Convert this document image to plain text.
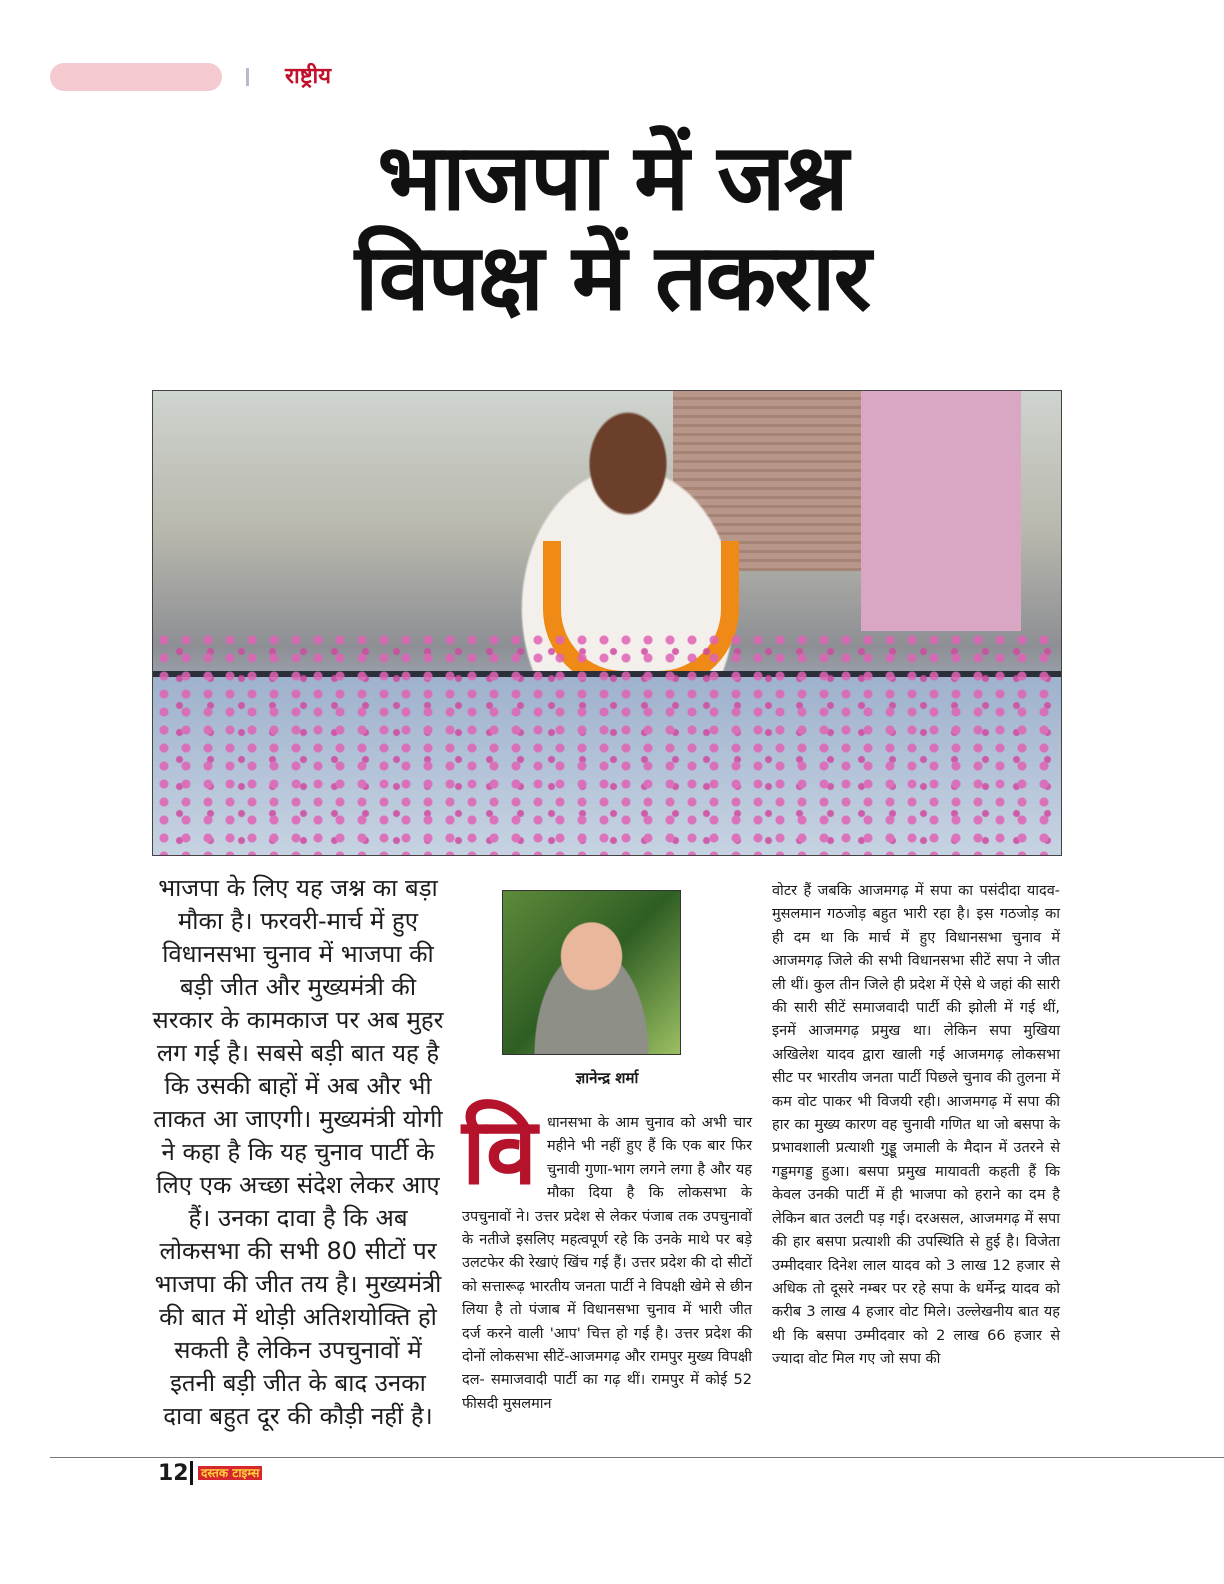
राष्ट्रीय
भाजपा में जश्न
विपक्ष में तकरार
भाजपा के लिए यह जश्न का बड़ा मौका है। फरवरी-मार्च में हुए विधानसभा चुनाव में भाजपा की बड़ी जीत और मुख्यमंत्री की सरकार के कामकाज पर अब मुहर लग गई है। सबसे बड़ी बात यह है कि उसकी बाहों में अब और भी ताकत आ जाएगी। मुख्यमंत्री योगी ने कहा है कि यह चुनाव पार्टी के लिए एक अच्छा संदेश लेकर आए हैं। उनका दावा है कि अब लोकसभा की सभी 80 सीटों पर भाजपा की जीत तय है। मुख्यमंत्री की बात में थोड़ी अतिशयोक्ति हो सकती है लेकिन उपचुनावों में इतनी बड़ी जीत के बाद उनका दावा बहुत दूर की कौड़ी नहीं है।
ज्ञानेन्द्र शर्मा
वि धानसभा के आम चुनाव को अभी चार महीने भी नहीं हुए हैं कि एक बार फिर चुनावी गुणा-भाग लगने लगा है और यह मौका दिया है कि लोकसभा के उपचुनावों ने। उत्तर प्रदेश से लेकर पंजाब तक उपचुनावों के नतीजे इसलिए महत्वपूर्ण रहे कि उनके माथे पर बड़े उलटफेर की रेखाएं खिंच गई हैं। उत्तर प्रदेश की दो सीटों को सत्तारूढ़ भारतीय जनता पार्टी ने विपक्षी खेमे से छीन लिया है तो पंजाब में विधानसभा चुनाव में भारी जीत दर्ज करने वाली 'आप' चित्त हो गई है। उत्तर प्रदेश की दोनों लोकसभा सीटें-आजमगढ़ और रामपुर मुख्य विपक्षी दल- समाजवादी पार्टी का गढ़ थीं। रामपुर में कोई 52 फीसदी मुसलमान
वोटर हैं जबकि आजमगढ़ में सपा का पसंदीदा यादव-मुसलमान गठजोड़ बहुत भारी रहा है। इस गठजोड़ का ही दम था कि मार्च में हुए विधानसभा चुनाव में आजमगढ़ जिले की सभी विधानसभा सीटें सपा ने जीत ली थीं। कुल तीन जिले ही प्रदेश में ऐसे थे जहां की सारी की सारी सीटें समाजवादी पार्टी की झोली में गई थीं, इनमें आजमगढ़ प्रमुख था। लेकिन सपा मुखिया अखिलेश यादव द्वारा खाली गई आजमगढ़ लोकसभा सीट पर भारतीय जनता पार्टी पिछले चुनाव की तुलना में कम वोट पाकर भी विजयी रही। आजमगढ़ में सपा की हार का मुख्य कारण वह चुनावी गणित था जो बसपा के प्रभावशाली प्रत्याशी गुड्डू जमाली के मैदान में उतरने से गड्डमगड्ड हुआ। बसपा प्रमुख मायावती कहती हैं कि केवल उनकी पार्टी में ही भाजपा को हराने का दम है लेकिन बात उलटी पड़ गई। दरअसल, आजमगढ़ में सपा की हार बसपा प्रत्याशी की उपस्थिति से हुई है। विजेता उम्मीदवार दिनेश लाल यादव को 3 लाख 12 हजार से अधिक तो दूसरे नम्बर पर रहे सपा के धर्मेन्द्र यादव को करीब 3 लाख 4 हजार वोट मिले। उल्लेखनीय बात यह थी कि बसपा उम्मीदवार को 2 लाख 66 हजार से ज्यादा वोट मिल गए जो सपा की
12 दस्तक टाइम्स
